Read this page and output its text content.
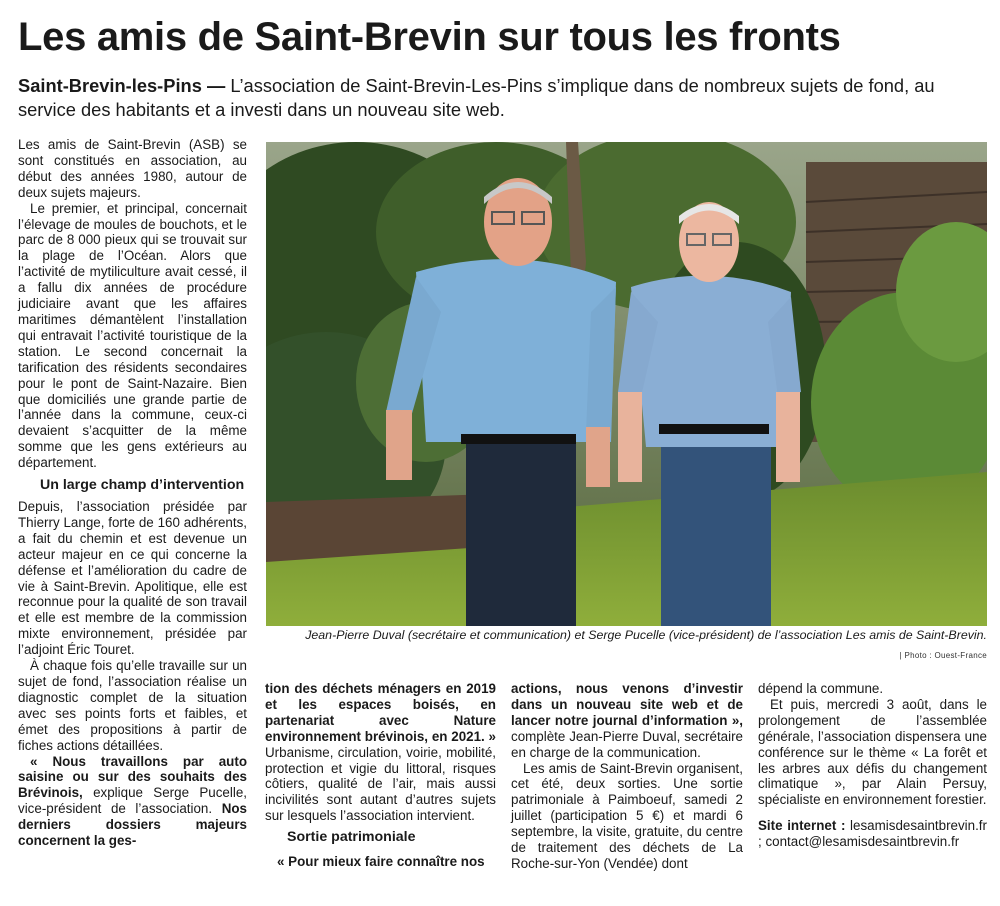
Les amis de Saint-Brevin sur tous les fronts

Saint-Brevin-les-Pins — L’association de Saint-Brevin-Les-Pins s’implique dans de nombreux sujets de fond, au service des habitants et a investi dans un nouveau site web.

Les amis de Saint-Brevin (ASB) se sont constitués en association, au début des années 1980, autour de deux sujets majeurs.

Le premier, et principal, concernait l’élevage de moules de bouchots, et le parc de 8 000 pieux qui se trouvait sur la plage de l’Océan. Alors que l’activité de mytiliculture avait cessé, il a fallu dix années de procédure judiciaire avant que les affaires maritimes démantèlent l’installation qui entravait l’activité touristique de la station. Le second concernait la tarification des résidents secondaires pour le pont de Saint-Nazaire. Bien que domiciliés une grande partie de l’année dans la commune, ceux-ci devaient s’acquitter de la même somme que les gens extérieurs au département.

Un large champ d’intervention

Depuis, l’association présidée par Thierry Lange, forte de 160 adhérents, a fait du chemin et est devenue un acteur majeur en ce qui concerne la défense et l’amélioration du cadre de vie à Saint-Brevin. Apolitique, elle est reconnue pour la qualité de son travail et elle est membre de la commission mixte environnement, présidée par l’adjoint Éric Touret.

À chaque fois qu’elle travaille sur un sujet de fond, l’association réalise un diagnostic complet de la situation avec ses points forts et faibles, et émet des propositions à partir de fiches actions détaillées.

« Nous travaillons par auto saisine ou sur des souhaits des Brévinois, explique Serge Pucelle, vice-président de l’association. Nos derniers dossiers majeurs concernent la ges-

Jean-Pierre Duval (secrétaire et communication) et Serge Pucelle (vice-président) de l’association Les amis de Saint-Brevin.
| Photo : Ouest-France

tion des déchets ménagers en 2019 et les espaces boisés, en partenariat avec Nature environnement brévinois, en 2021. » Urbanisme, circulation, voirie, mobilité, protection et vigie du littoral, risques côtiers, qualité de l’air, mais aussi incivilités sont autant d’autres sujets sur lesquels l’association intervient.

Sortie patrimoniale

« Pour mieux faire connaître nos

actions, nous venons d’investir dans un nouveau site web et de lancer notre journal d’information », complète Jean-Pierre Duval, secrétaire en charge de la communication.

Les amis de Saint-Brevin organisent, cet été, deux sorties. Une sortie patrimoniale à Paimboeuf, samedi 2 juillet (participation 5 €) et mardi 6 septembre, la visite, gratuite, du centre de traitement des déchets de La Roche-sur-Yon (Vendée) dont

dépend la commune.

Et puis, mercredi 3 août, dans le prolongement de l’assemblée générale, l’association dispensera une conférence sur le thème « La forêt et les arbres aux défis du changement climatique », par Alain Persuy, spécialiste en environnement forestier.

Site internet : lesamisdesaintbrevin.fr ; contact@lesamisdesaintbrevin.fr
